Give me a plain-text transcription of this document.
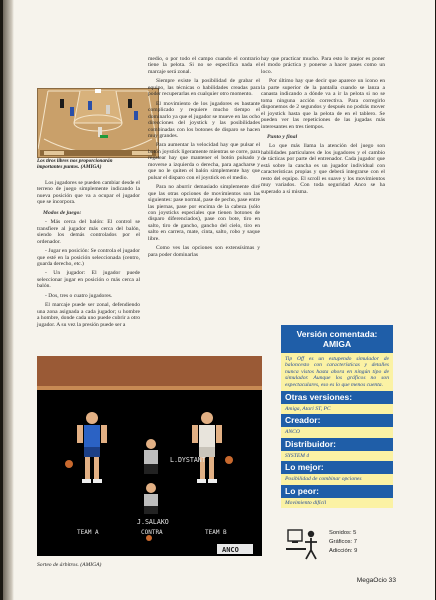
Los tiros libres nos proporcionarán
importantes puntos. (AMIGA)

Los jugadores se pueden cambiar desde el terreno de juego simplemente indicando la nueva posición que va a ocupar el jugador que se incorpora.

Modos de juego:

- Más cerca del balón: El control se transfiere al jugador más cerca del balón, siendo los demás controlados por el ordenador.

- Jugar en posición: Se controla el jugador que esté en la posición seleccionada (centro, guarda derecho, etc.)

- Un jugador: El jugador puede seleccionar jugar en posición o más cerca al balón.

- Dos, tres o cuatro jugadores.

El marcaje puede ser zonal, defendiendo una zona asignada a cada jugador; u hombre a hombre, donde cada uno puede cubrir a otro jugador. A su vez la presión puede ser a

medio, o por todo el campo cuando el contrario tiene la pelota. Si no se especifica nada el marcaje será zonal.

Siempre existe la posibilidad de grabar el equipo, las técnicas o habilidades creadas para poder recuperarlas en cualquier otro momento.

El movimiento de los jugadores es bastante complicado y requiere mucho tiempo el dominarlo ya que el jugador se mueve en las ocho direcciones del joystick y las posibilidades combinadas con los botones de disparo se hacen muy grandes.

Para aumentar la velocidad hay que pulsar el botón joystick ligeramente mientras se corre, para regatear hay que mantener el botón pulsado y moverse a izquierda o derecha, para agacharse y que no le quiten el balón simplemente hay que pulsar el disparo con el joystick en el medio.

Para no aburrir demasiado simplemente diré que las otras opciones de movimientos son las siguientes: pase normal, pase de pecho, pase entre las piernas, pase por encima de la cabeza (sólo con joysticks especiales que tienen botones de disparo diferenciados), pase con bote, tiro en salto, tiro de gancho, gancho del cielo, tiro en salto en carrera, mate, cinta, salto, robo y saque libre.

Como ves las opciones son extensísimas y para poder dominarlas

hay que practicar mucho. Para esto lo mejor es poner el modo práctica y ponerse a hacer pases como un loco.

Por último hay que decir que aparece un icono en la parte superior de la pantalla cuando se lanza a canasta indicando a dónde va a ir la pelota si no se toma ninguna acción correctiva. Para corregirlo disponemos de 2 segundos y después no podrás mover el joystick hasta que la pelota de en el tablero. Se pueden ver las repeticiones de las jugadas más interesantes en tres tiempos.

Punto y final

Lo que más llama la atención del juego son habilidades particulares de los jugadores y el cambio de tácticas por parte del entrenador. Cada jugador que está sobre la cancha es un jugador individual con características propias y que deberá integrarse con el resto del equipo. El scroll es suave y los movimientos muy variados. Con toda seguridad Anco se ha superado a sí misma.

L.DYSTANT
J.SALAKO
TEAM A	CONTRA	TEAM B
ANCO
Sorteo de árbitros. (AMIGA)
Versión comentada:
AMIGA
Tip Off es un estupendo simulador de baloncesto con características y detalles nunca vistos hasta ahora en ningún tipo de simulador. Aunque los gráficos no son espectaculares, eso es lo que menos cuenta.
Otras versiones:
Amiga, Atari ST, PC
Creador:
ANCO
Distribuidor:
SYSTEM 4
Lo mejor:
Posibilidad de combinar opciones
Lo peor:
Movimiento difícil
Sonidos: 5
Gráficos: 7
Adicción: 9
MegaOcio 33
